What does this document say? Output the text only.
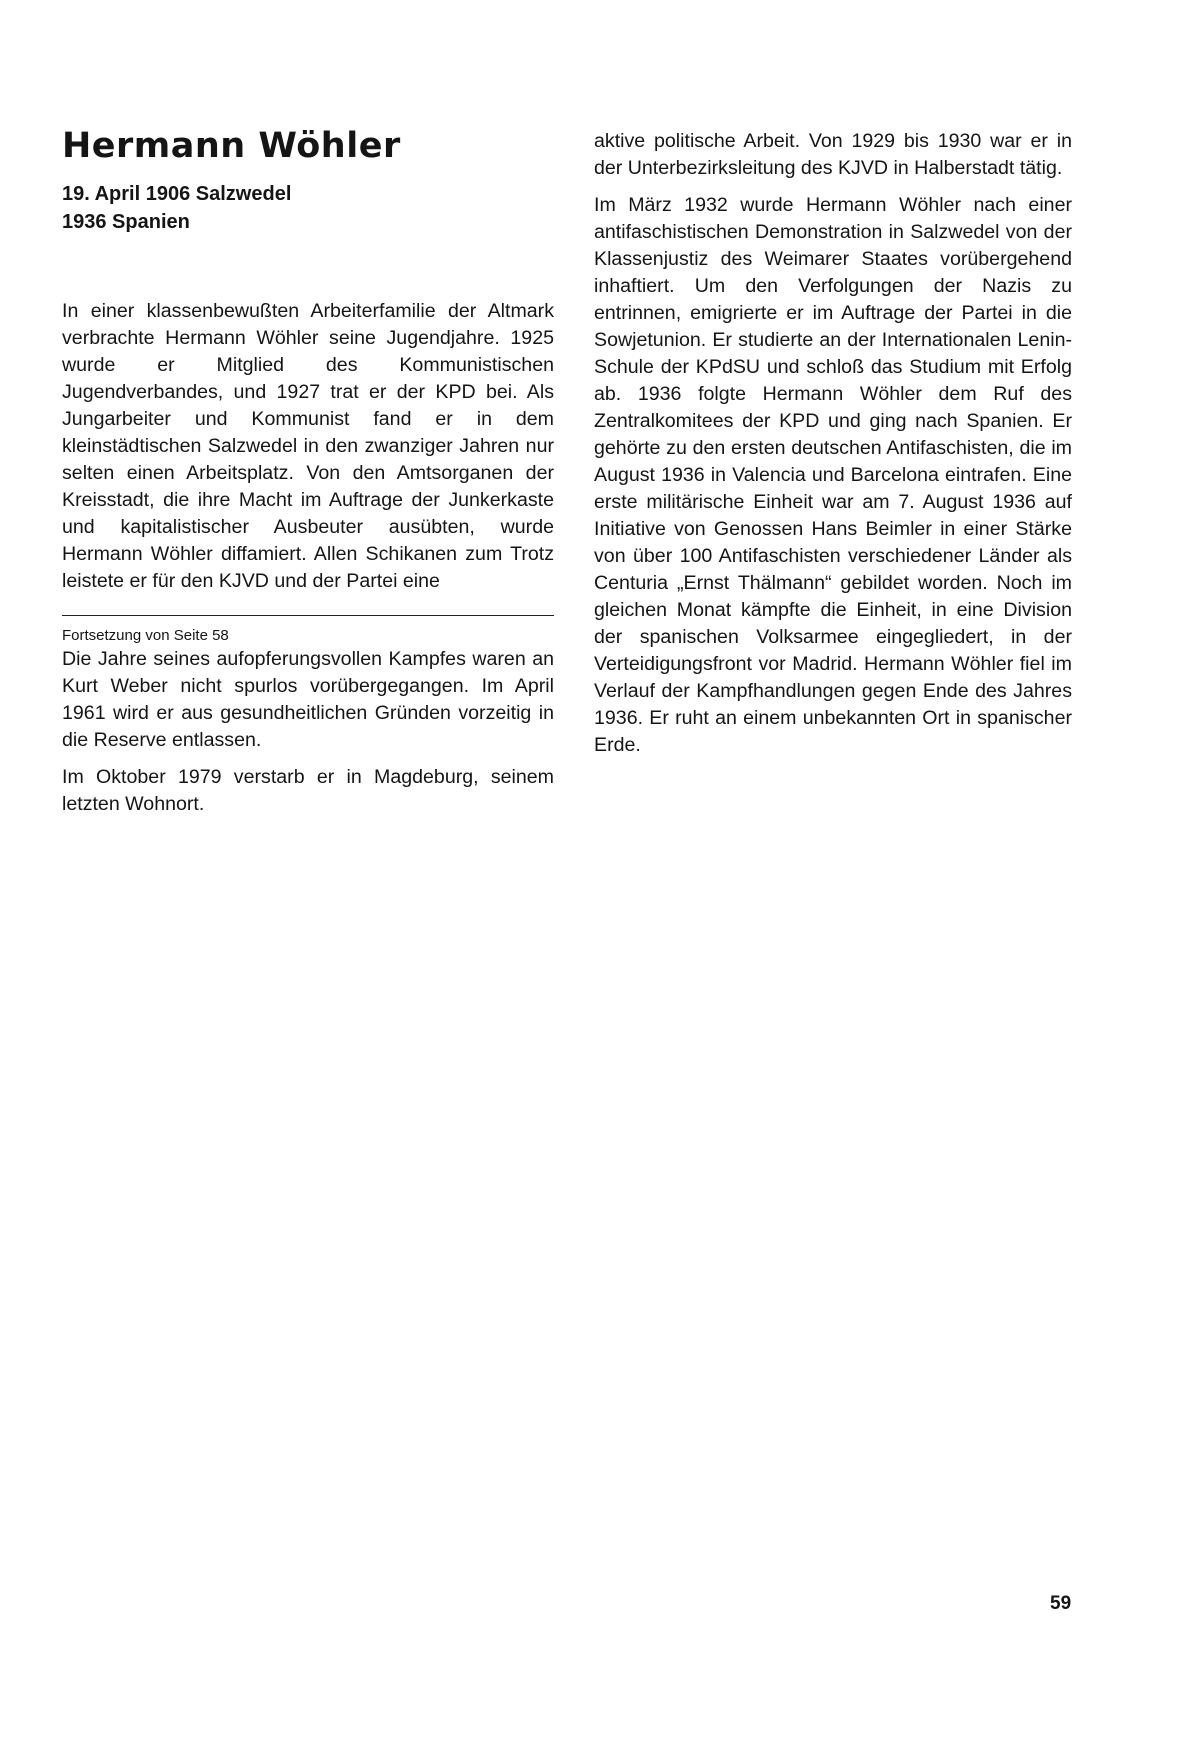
Hermann Wöhler
19. April 1906 Salzwedel
1936 Spanien

In einer klassenbewußten Arbeiterfamilie der Altmark verbrachte Hermann Wöhler seine Jugendjahre. 1925 wurde er Mitglied des Kommunistischen Jugendverbandes, und 1927 trat er der KPD bei. Als Jungarbeiter und Kommunist fand er in dem kleinstädtischen Salzwedel in den zwanziger Jahren nur selten einen Arbeitsplatz. Von den Amtsorganen der Kreisstadt, die ihre Macht im Auftrage der Junkerkaste und kapitalistischer Ausbeuter ausübten, wurde Hermann Wöhler diffamiert. Allen Schikanen zum Trotz leistete er für den KJVD und der Partei eine

Fortsetzung von Seite 58

Die Jahre seines aufopferungsvollen Kampfes waren an Kurt Weber nicht spurlos vorübergegangen. Im April 1961 wird er aus gesundheitlichen Gründen vorzeitig in die Reserve entlassen.

Im Oktober 1979 verstarb er in Magdeburg, seinem letzten Wohnort.

aktive politische Arbeit. Von 1929 bis 1930 war er in der Unterbezirksleitung des KJVD in Halberstadt tätig.

Im März 1932 wurde Hermann Wöhler nach einer antifaschistischen Demonstration in Salzwedel von der Klassenjustiz des Weimarer Staates vorübergehend inhaftiert. Um den Verfolgungen der Nazis zu entrinnen, emigrierte er im Auftrage der Partei in die Sowjetunion. Er studierte an der Internationalen Lenin-Schule der KPdSU und schloß das Studium mit Erfolg ab. 1936 folgte Hermann Wöhler dem Ruf des Zentralkomitees der KPD und ging nach Spanien. Er gehörte zu den ersten deutschen Antifaschisten, die im August 1936 in Valencia und Barcelona eintrafen. Eine erste militärische Einheit war am 7. August 1936 auf Initiative von Genossen Hans Beimler in einer Stärke von über 100 Antifaschisten verschiedener Länder als Centuria „Ernst Thälmann“ gebildet worden. Noch im gleichen Monat kämpfte die Einheit, in eine Division der spanischen Volksarmee eingegliedert, in der Verteidigungsfront vor Madrid. Hermann Wöhler fiel im Verlauf der Kampfhandlungen gegen Ende des Jahres 1936. Er ruht an einem unbekannten Ort in spanischer Erde.

59
